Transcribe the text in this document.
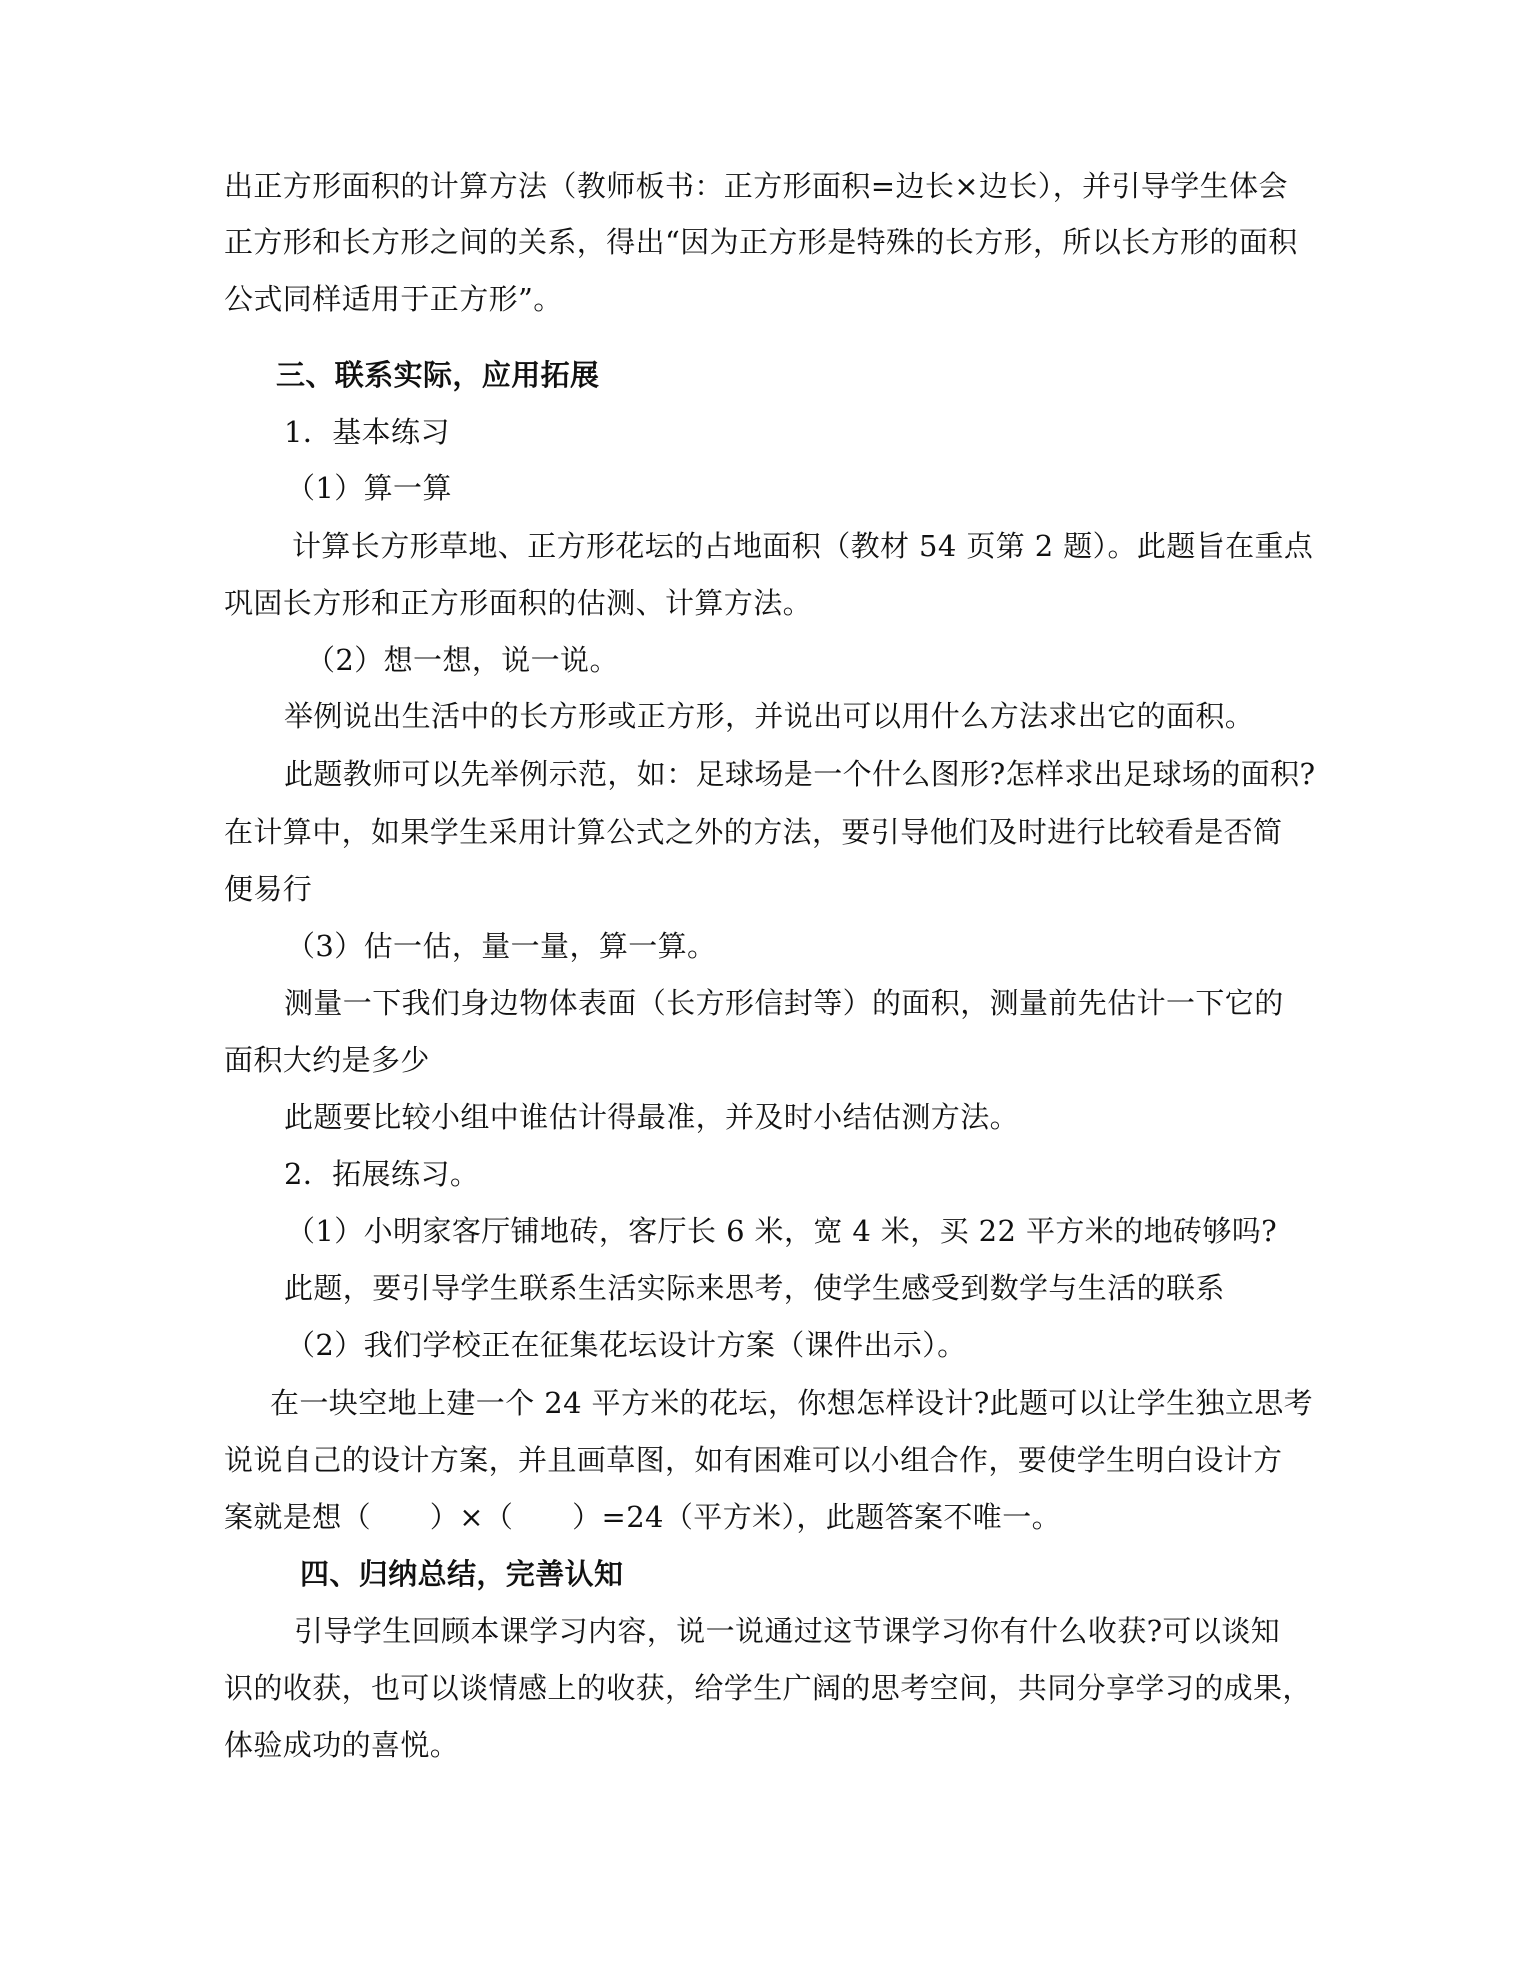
出正方形面积的计算方法（教师板书：正方形面积=边长×边长），并引导学生体会
正方形和长方形之间的关系，得出“因为正方形是特殊的长方形，所以长方形的面积
公式同样适用于正方形”。
三、联系实际，应用拓展
1．基本练习
（1）算一算
计算长方形草地、正方形花坛的占地面积（教材 54 页第 2 题）。此题旨在重点
巩固长方形和正方形面积的估测、计算方法。
（2）想一想，说一说。
举例说出生活中的长方形或正方形，并说出可以用什么方法求出它的面积。
此题教师可以先举例示范，如：足球场是一个什么图形?怎样求出足球场的面积?
在计算中，如果学生采用计算公式之外的方法，要引导他们及时进行比较看是否简
便易行
（3）估一估，量一量，算一算。
测量一下我们身边物体表面（长方形信封等）的面积，测量前先估计一下它的
面积大约是多少
此题要比较小组中谁估计得最准，并及时小结估测方法。
2．拓展练习。
（1）小明家客厅铺地砖，客厅长 6 米，宽 4 米，买 22 平方米的地砖够吗?
此题，要引导学生联系生活实际来思考，使学生感受到数学与生活的联系
（2）我们学校正在征集花坛设计方案（课件出示）。
在一块空地上建一个 24 平方米的花坛，你想怎样设计?此题可以让学生独立思考
说说自己的设计方案，并且画草图，如有困难可以小组合作，要使学生明白设计方
案就是想（　　）×（　　）=24（平方米），此题答案不唯一。
四、归纳总结，完善认知
引导学生回顾本课学习内容，说一说通过这节课学习你有什么收获?可以谈知
识的收获，也可以谈情感上的收获，给学生广阔的思考空间，共同分享学习的成果，
体验成功的喜悦。
